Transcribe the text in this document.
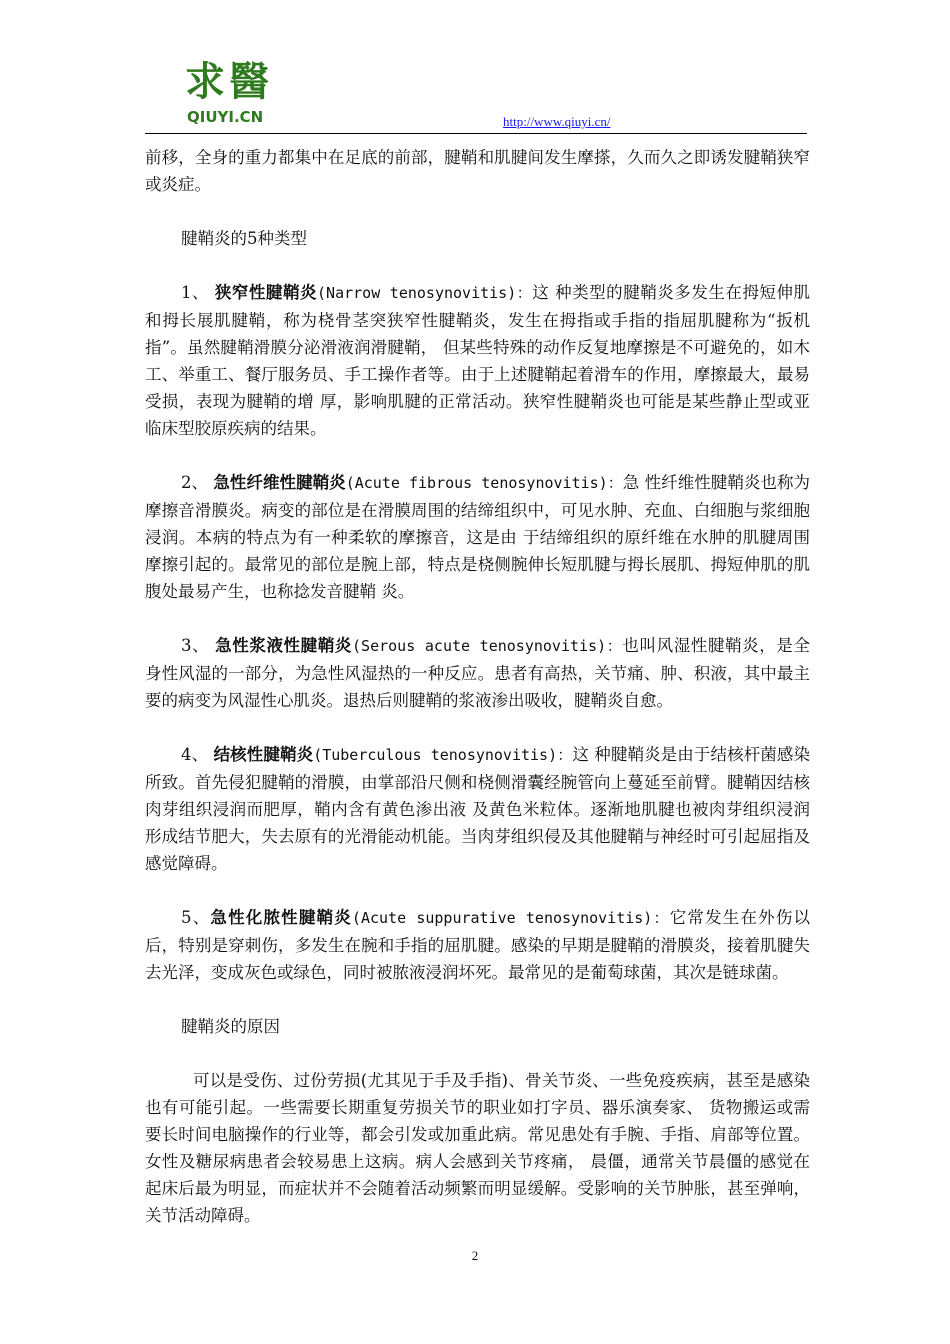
求醫
QIUYI.CN	http://www.qiuyi.cn/

前移，全身的重力都集中在足底的前部，腱鞘和肌腱间发生摩搽，久而久之即诱发腱鞘狭窄或炎症。

腱鞘炎的5种类型

1、 狭窄性腱鞘炎(Narrow tenosynovitis)：这 种类型的腱鞘炎多发生在拇短伸肌和拇长展肌腱鞘，称为桡骨茎突狭窄性腱鞘炎，发生在拇指或手指的指屈肌腱称为“扳机指”。虽然腱鞘滑膜分泌滑液润滑腱鞘， 但某些特殊的动作反复地摩擦是不可避免的，如木工、举重工、餐厅服务员、手工操作者等。由于上述腱鞘起着滑车的作用，摩擦最大，最易受损，表现为腱鞘的增 厚，影响肌腱的正常活动。狭窄性腱鞘炎也可能是某些静止型或亚临床型胶原疾病的结果。

2、 急性纤维性腱鞘炎(Acute fibrous tenosynovitis)：急 性纤维性腱鞘炎也称为摩擦音滑膜炎。病变的部位是在滑膜周围的结缔组织中，可见水肿、充血、白细胞与浆细胞浸润。本病的特点为有一种柔软的摩擦音，这是由 于结缔组织的原纤维在水肿的肌腱周围摩擦引起的。最常见的部位是腕上部，特点是桡侧腕伸长短肌腱与拇长展肌、拇短伸肌的肌腹处最易产生，也称捻发音腱鞘 炎。

3、 急性浆液性腱鞘炎(Serous acute tenosynovitis)：也叫风湿性腱鞘炎，是全身性风湿的一部分，为急性风湿热的一种反应。患者有高热，关节痛、肿、积液，其中最主要的病变为风湿性心肌炎。退热后则腱鞘的浆液渗出吸收，腱鞘炎自愈。

4、 结核性腱鞘炎(Tuberculous tenosynovitis)：这 种腱鞘炎是由于结核杆菌感染所致。首先侵犯腱鞘的滑膜，由掌部沿尺侧和桡侧滑囊经腕管向上蔓延至前臂。腱鞘因结核肉芽组织浸润而肥厚，鞘内含有黄色渗出液 及黄色米粒体。逐渐地肌腱也被肉芽组织浸润形成结节肥大，失去原有的光滑能动机能。当肉芽组织侵及其他腱鞘与神经时可引起屈指及感觉障碍。

5、急性化脓性腱鞘炎(Acute suppurative tenosynovitis)：它常发生在外伤以后，特别是穿刺伤，多发生在腕和手指的屈肌腱。感染的早期是腱鞘的滑膜炎，接着肌腱失去光泽，变成灰色或绿色，同时被脓液浸润坏死。最常见的是葡萄球菌，其次是链球菌。

腱鞘炎的原因

可以是受伤、过份劳损(尤其见于手及手指)、骨关节炎、一些免疫疾病，甚至是感染也有可能引起。一些需要长期重复劳损关节的职业如打字员、器乐演奏家、 货物搬运或需要长时间电脑操作的行业等，都会引发或加重此病。常见患处有手腕、手指、肩部等位置。女性及糖尿病患者会较易患上这病。病人会感到关节疼痛， 晨僵，通常关节晨僵的感觉在起床后最为明显，而症状并不会随着活动频繁而明显缓解。受影响的关节肿胀，甚至弹响，关节活动障碍。

2
